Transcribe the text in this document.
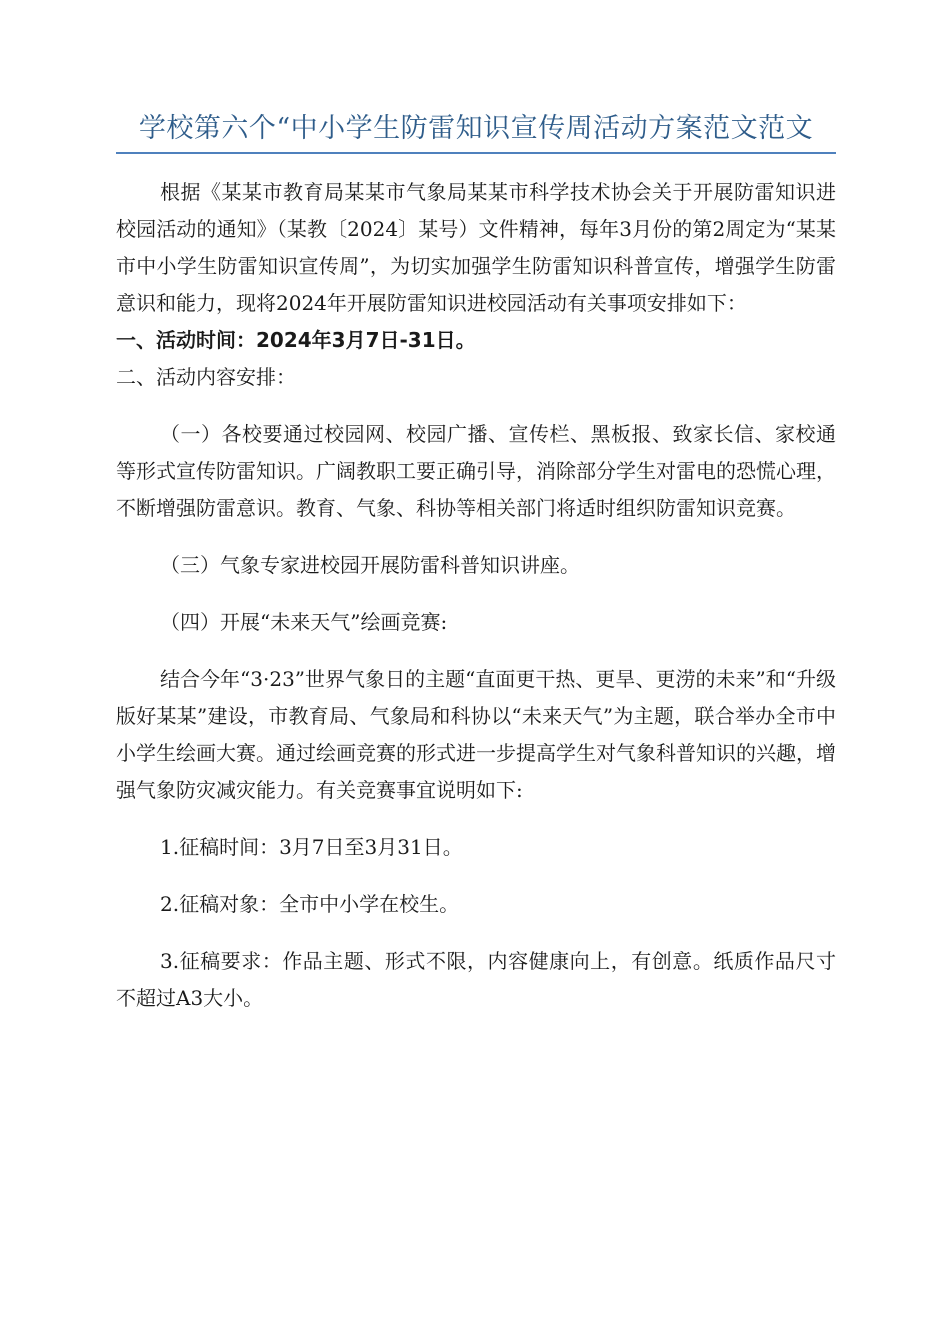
学校第六个“中小学生防雷知识宣传周活动方案范文范文

根据《某某市教育局某某市气象局某某市科学技术协会关于开展防雷知识进校园活动的通知》（某教〔2024〕某号）文件精神，每年3月份的第2周定为“某某市中小学生防雷知识宣传周”，为切实加强学生防雷知识科普宣传，增强学生防雷意识和能力，现将2024年开展防雷知识进校园活动有关事项安排如下：

一、活动时间：2024年3月7日-31日。

二、活动内容安排：

（一）各校要通过校园网、校园广播、宣传栏、黑板报、致家长信、家校通等形式宣传防雷知识。广阔教职工要正确引导，消除部分学生对雷电的恐慌心理，不断增强防雷意识。教育、气象、科协等相关部门将适时组织防雷知识竞赛。

（三）气象专家进校园开展防雷科普知识讲座。

（四）开展“未来天气”绘画竞赛:

结合今年“3·23”世界气象日的主题“直面更干热、更旱、更涝的未来”和“升级版好某某”建设，市教育局、气象局和科协以“未来天气”为主题，联合举办全市中小学生绘画大赛。通过绘画竞赛的形式进一步提高学生对气象科普知识的兴趣，增强气象防灾减灾能力。有关竞赛事宜说明如下:

1.征稿时间：3月7日至3月31日。

2.征稿对象：全市中小学在校生。

3.征稿要求：作品主题、形式不限，内容健康向上，有创意。纸质作品尺寸不超过A3大小。
